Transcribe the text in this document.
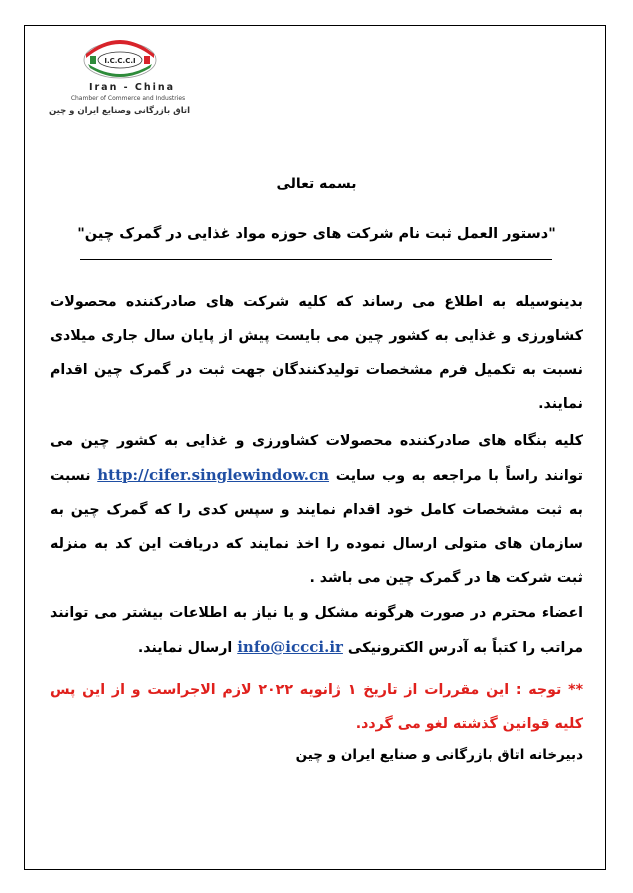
I.C.C.C.I
Iran - China
Chamber of Commerce and Industries
اتاق بازرگانی وصنایع ایران و چین
بسمه تعالی
"دستور العمل ثبت نام شرکت های حوزه مواد غذایی در گمرک چین"

بدینوسیله به اطلاع می رساند که کلیه شرکت های صادرکننده محصولات کشاورزی و غذایی به کشور چین می بایست پیش از پایان سال جاری میلادی نسبت به تکمیل فرم مشخصات تولیدکنندگان جهت ثبت در گمرک چین اقدام نمایند.

کلیه بنگاه های صادرکننده محصولات کشاورزی و غذایی به کشور چین می توانند راساً با مراجعه به وب سایت http://cifer.singlewindow.cn نسبت به ثبت مشخصات کامل خود اقدام نمایند و سپس کدی را که گمرک چین به سازمان های متولی ارسال نموده را اخذ نمایند که دریافت این کد به منزله ثبت شرکت ها در گمرک چین می باشد .

اعضاء محترم در صورت هرگونه مشکل و یا نیاز به اطلاعات بیشتر می توانند مراتب را کتباً به آدرس الکترونیکی info@iccci.ir ارسال نمایند.

** توجه : این مقررات از تاریخ ۱ ژانویه ۲۰۲۲ لازم الاجراست و از این پس کلیه قوانین گذشته لغو می گردد.

دبیرخانه اتاق بازرگانی و صنایع ایران و چین
